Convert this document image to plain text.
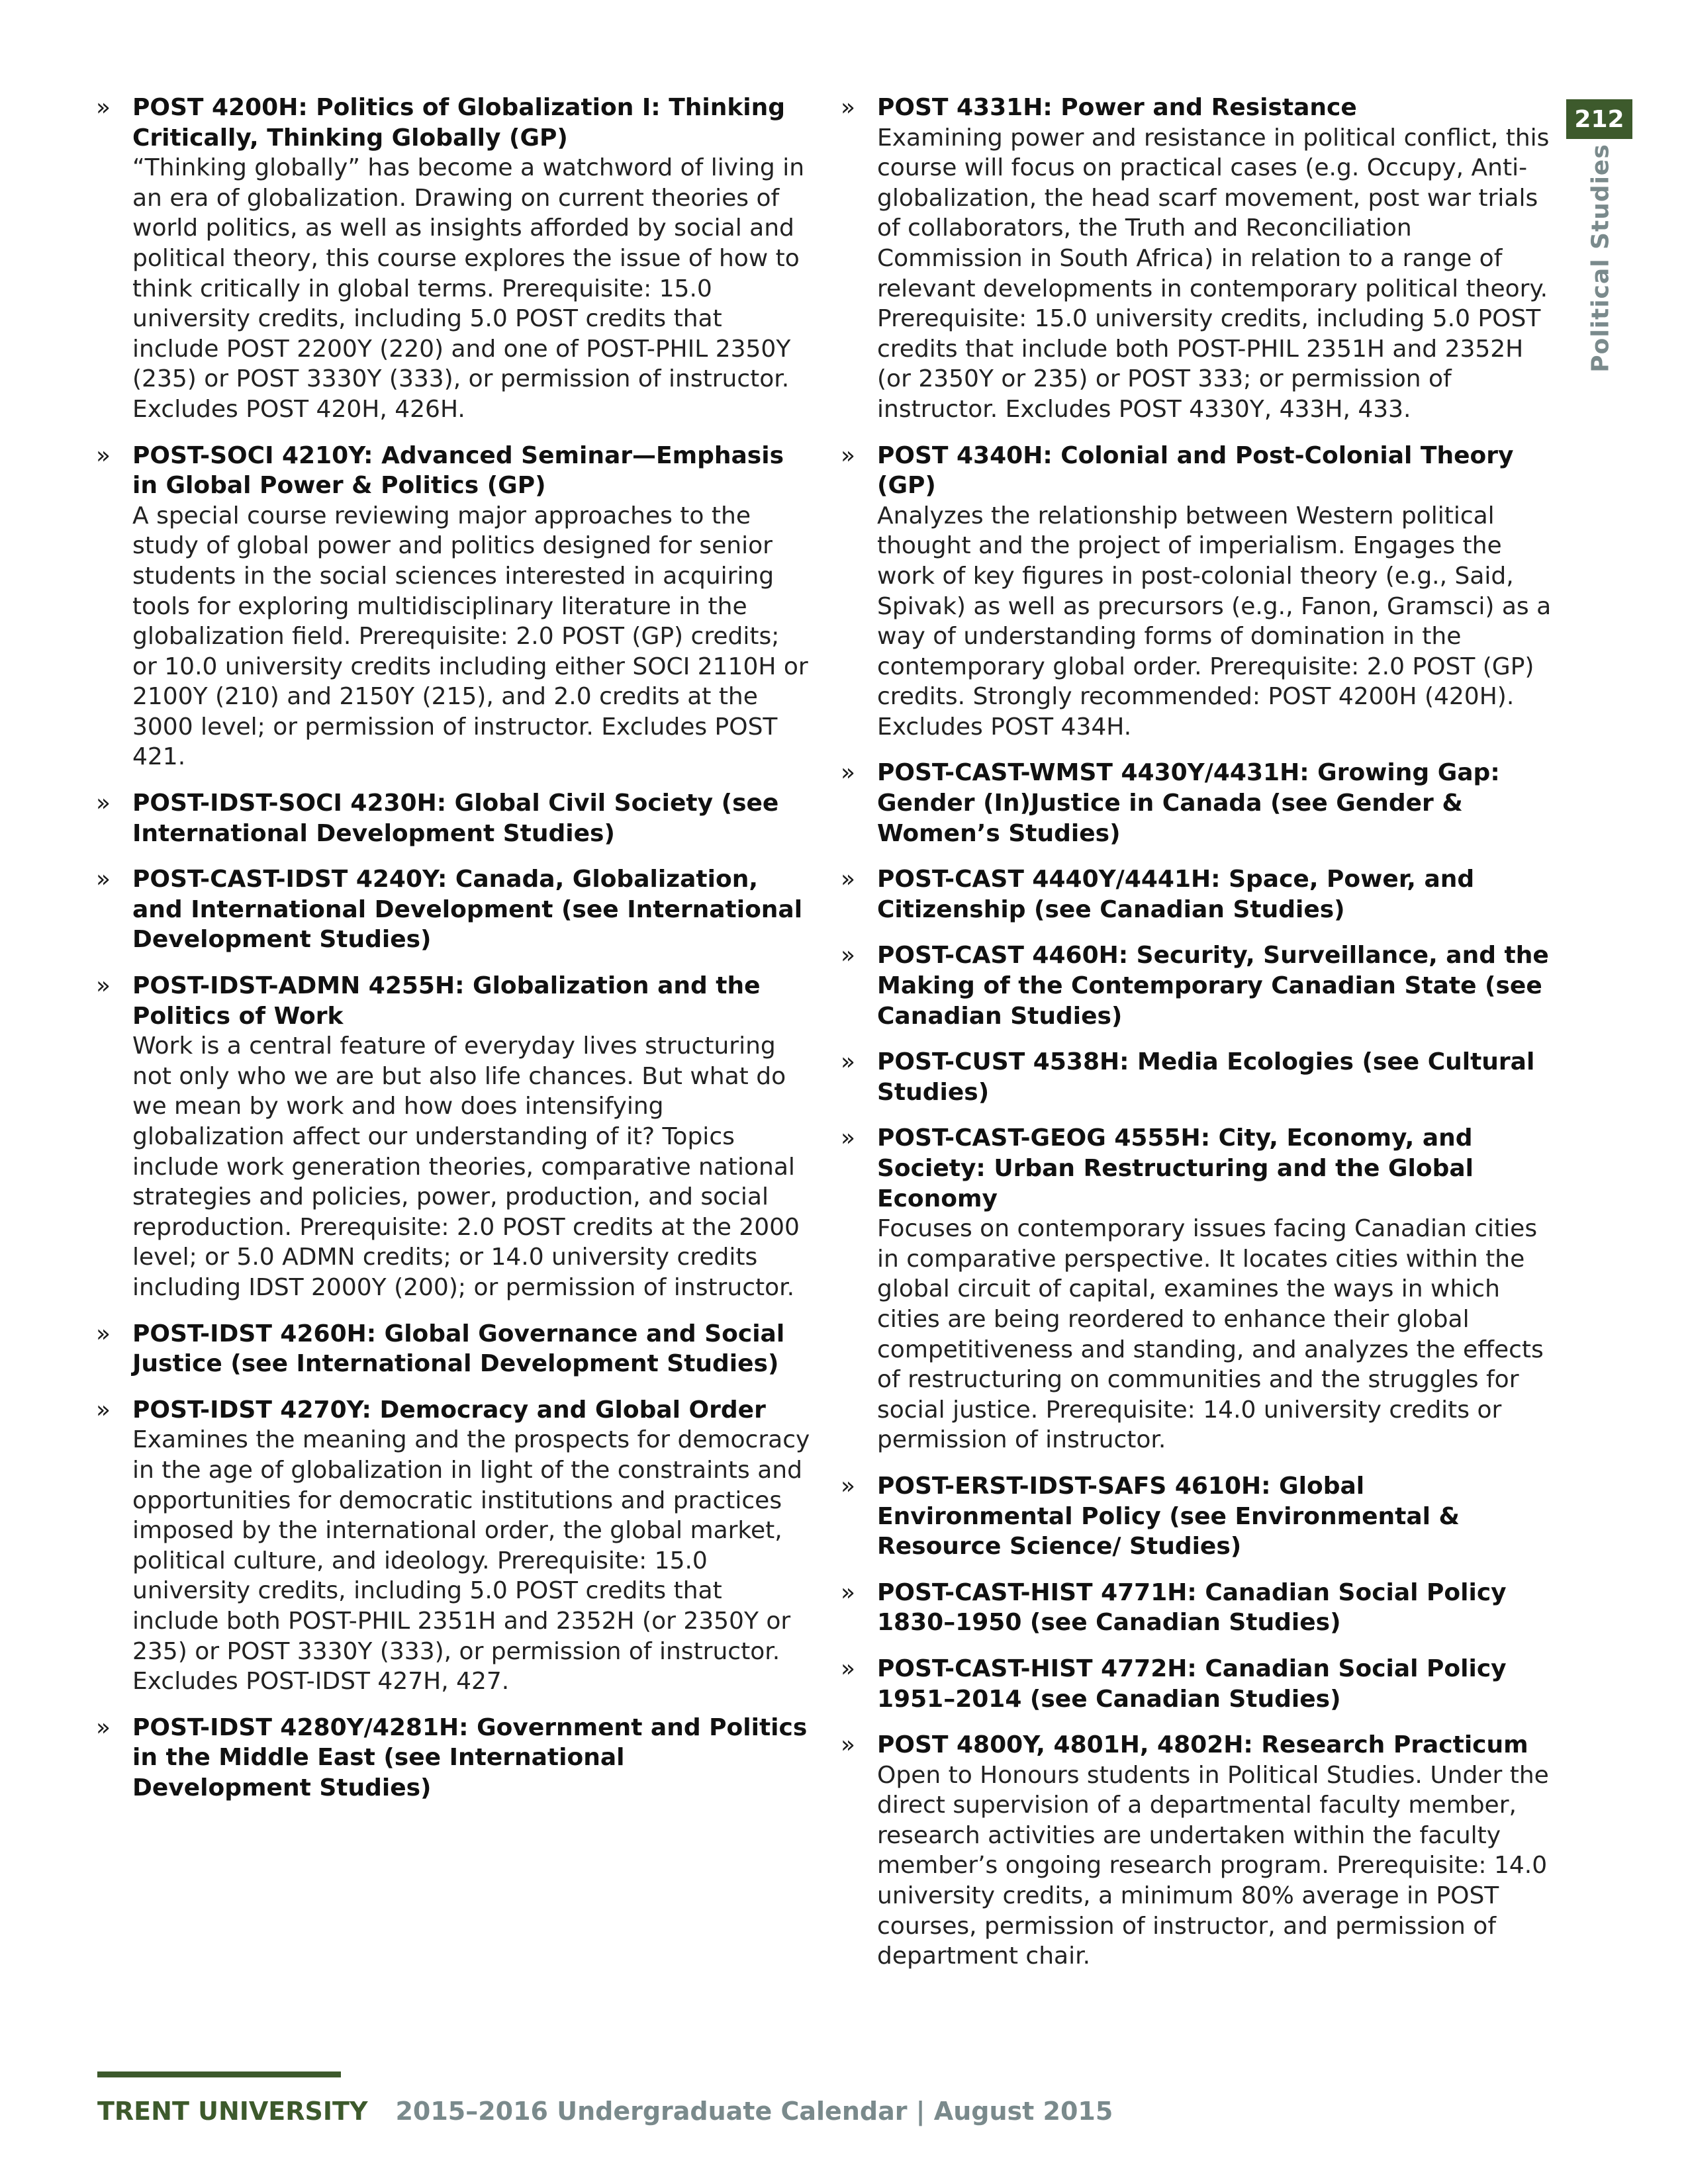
» POST 4200H: Politics of Globalization I: Thinking Critically, Thinking Globally (GP)
“Thinking globally” has become a watchword of living in an era of globalization. Drawing on current theories of world politics, as well as insights afforded by social and political theory, this course explores the issue of how to think critically in global terms. Prerequisite: 15.0 university credits, including 5.0 POST credits that include POST 2200Y (220) and one of POST-PHIL 2350Y (235) or POST 3330Y (333), or permission of instructor. Excludes POST 420H, 426H.
» POST-SOCI 4210Y: Advanced Seminar—Emphasis in Global Power & Politics (GP)
A special course reviewing major approaches to the study of global power and politics designed for senior students in the social sciences interested in acquiring tools for exploring multidisciplinary literature in the globalization field. Prerequisite: 2.0 POST (GP) credits; or 10.0 university credits including either SOCI 2110H or 2100Y (210) and 2150Y (215), and 2.0 credits at the 3000 level; or permission of instructor. Excludes POST 421.
» POST-IDST-SOCI 4230H: Global Civil Society (see International Development Studies)
» POST-CAST-IDST 4240Y: Canada, Globalization, and International Development (see International Development Studies)
» POST-IDST-ADMN 4255H: Globalization and the Politics of Work
Work is a central feature of everyday lives structuring not only who we are but also life chances. But what do we mean by work and how does intensifying globalization affect our understanding of it? Topics include work generation theories, comparative national strategies and policies, power, production, and social reproduction. Prerequisite: 2.0 POST credits at the 2000 level; or 5.0 ADMN credits; or 14.0 university credits including IDST 2000Y (200); or permission of instructor.
» POST-IDST 4260H: Global Governance and Social Justice (see International Development Studies)
» POST-IDST 4270Y: Democracy and Global Order
Examines the meaning and the prospects for democracy in the age of globalization in light of the constraints and opportunities for democratic institutions and practices imposed by the international order, the global market, political culture, and ideology. Prerequisite: 15.0 university credits, including 5.0 POST credits that include both POST-PHIL 2351H and 2352H (or 2350Y or 235) or POST 3330Y (333), or permission of instructor. Excludes POST-IDST 427H, 427.
» POST-IDST 4280Y/4281H: Government and Politics in the Middle East (see International Development Studies)
» POST 4331H: Power and Resistance
Examining power and resistance in political conflict, this course will focus on practical cases (e.g. Occupy, Anti-globalization, the head scarf movement, post war trials of collaborators, the Truth and Reconciliation Commission in South Africa) in relation to a range of relevant developments in contemporary political theory. Prerequisite: 15.0 university credits, including 5.0 POST credits that include both POST-PHIL 2351H and 2352H (or 2350Y or 235) or POST 333; or permission of instructor. Excludes POST 4330Y, 433H, 433.
» POST 4340H: Colonial and Post-Colonial Theory (GP)
Analyzes the relationship between Western political thought and the project of imperialism. Engages the work of key figures in post-colonial theory (e.g., Said, Spivak) as well as precursors (e.g., Fanon, Gramsci) as a way of understanding forms of domination in the contemporary global order. Prerequisite: 2.0 POST (GP) credits. Strongly recommended: POST 4200H (420H). Excludes POST 434H.
» POST-CAST-WMST 4430Y/4431H: Growing Gap: Gender (In)Justice in Canada (see Gender & Women’s Studies)
» POST-CAST 4440Y/4441H: Space, Power, and Citizenship (see Canadian Studies)
» POST-CAST 4460H: Security, Surveillance, and the Making of the Contemporary Canadian State (see Canadian Studies)
» POST-CUST 4538H: Media Ecologies (see Cultural Studies)
» POST-CAST-GEOG 4555H: City, Economy, and Society: Urban Restructuring and the Global Economy
Focuses on contemporary issues facing Canadian cities in comparative perspective. It locates cities within the global circuit of capital, examines the ways in which cities are being reordered to enhance their global competitiveness and standing, and analyzes the effects of restructuring on communities and the struggles for social justice. Prerequisite: 14.0 university credits or permission of instructor.
» POST-ERST-IDST-SAFS 4610H: Global Environmental Policy (see Environmental & Resource Science/ Studies)
» POST-CAST-HIST 4771H: Canadian Social Policy 1830–1950 (see Canadian Studies)
» POST-CAST-HIST 4772H: Canadian Social Policy 1951–2014 (see Canadian Studies)
» POST 4800Y, 4801H, 4802H: Research Practicum
Open to Honours students in Political Studies. Under the direct supervision of a departmental faculty member, research activities are undertaken within the faculty member’s ongoing research program. Prerequisite: 14.0 university credits, a minimum 80% average in POST courses, permission of instructor, and permission of department chair.
212
Political Studies
TRENT UNIVERSITY 2015–2016 Undergraduate Calendar | August 2015
